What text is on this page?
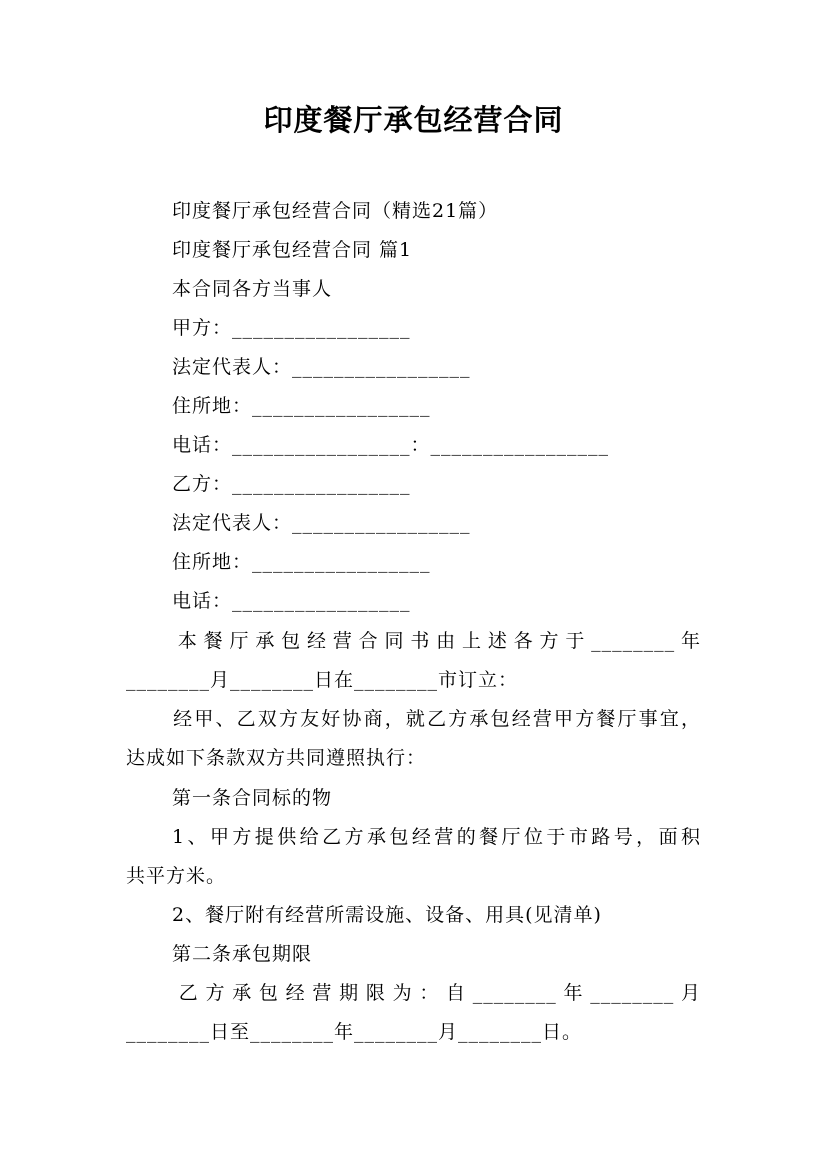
印度餐厅承包经营合同
印度餐厅承包经营合同（精选21篇）
印度餐厅承包经营合同 篇1
本合同各方当事人
甲方：_________________
法定代表人：_________________
住所地：_________________
电话：_________________：_________________
乙方：_________________
法定代表人：_________________
住所地：_________________
电话：_________________
本餐厅承包经营合同书由上述各方于________年
________月________日在________市订立：
经甲、乙双方友好协商，就乙方承包经营甲方餐厅事宜，
达成如下条款双方共同遵照执行：
第一条合同标的物
1、甲方提供给乙方承包经营的餐厅位于市路号，面积
共平方米。
2、餐厅附有经营所需设施、设备、用具(见清单)
第二条承包期限
乙方承包经营期限为：自________年________月
________日至________年________月________日。
